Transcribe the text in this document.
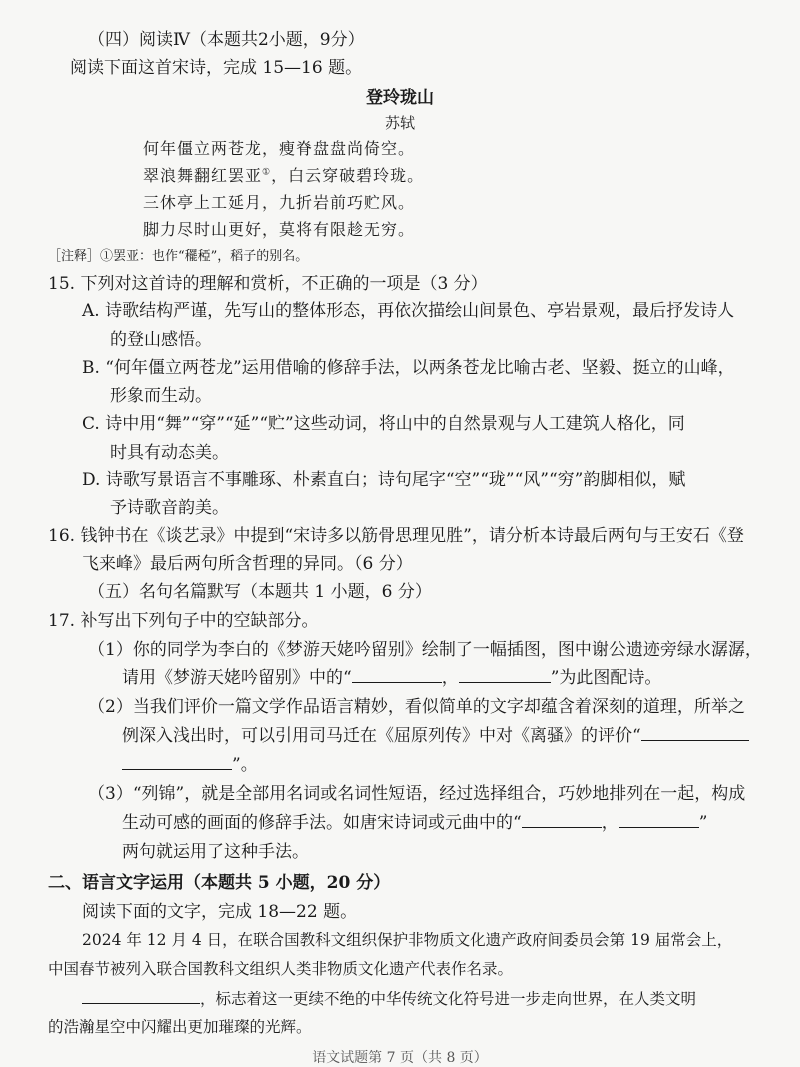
（四）阅读Ⅳ（本题共2小题，9分）
阅读下面这首宋诗，完成 15—16 题。
登玲珑山
苏轼
何年僵立两苍龙，瘦脊盘盘尚倚空。
翠浪舞翻红罢亚①，白云穿破碧玲珑。
三休亭上工延月，九折岩前巧贮风。
脚力尽时山更好，莫将有限趁无穷。
［注释］①罢亚：也作“䆉稏”，稻子的别名。
15. 下列对这首诗的理解和赏析，不正确的一项是（3 分）
A. 诗歌结构严谨，先写山的整体形态，再依次描绘山间景色、亭岩景观，最后抒发诗人
的登山感悟。
B. “何年僵立两苍龙”运用借喻的修辞手法，以两条苍龙比喻古老、坚毅、挺立的山峰，
形象而生动。
C. 诗中用“舞”“穿”“延”“贮”这些动词，将山中的自然景观与人工建筑人格化，同
时具有动态美。
D. 诗歌写景语言不事雕琢、朴素直白；诗句尾字“空”“珑”“风”“穷”韵脚相似，赋
予诗歌音韵美。
16. 钱钟书在《谈艺录》中提到“宋诗多以筋骨思理见胜”，请分析本诗最后两句与王安石《登
飞来峰》最后两句所含哲理的异同。（6 分）
（五）名句名篇默写（本题共 1 小题，6 分）
17. 补写出下列句子中的空缺部分。
（1）你的同学为李白的《梦游天姥吟留别》绘制了一幅插图，图中谢公遗迹旁绿水潺潺，
请用《梦游天姥吟留别》中的“	，	”为此图配诗。
（2）当我们评价一篇文学作品语言精妙，看似简单的文字却蕴含着深刻的道理，所举之
例深入浅出时，可以引用司马迁在《屈原列传》中对《离骚》的评价“
”。
（3）“列锦”，就是全部用名词或名词性短语，经过选择组合，巧妙地排列在一起，构成
生动可感的画面的修辞手法。如唐宋诗词或元曲中的“	，	”
两句就运用了这种手法。
二、语言文字运用（本题共 5 小题，20 分）
阅读下面的文字，完成 18—22 题。
2024 年 12 月 4 日，在联合国教科文组织保护非物质文化遗产政府间委员会第 19 届常会上，
中国春节被列入联合国教科文组织人类非物质文化遗产代表作名录。
，标志着这一更续不绝的中华传统文化符号进一步走向世界，在人类文明
的浩瀚星空中闪耀出更加璀璨的光辉。
语文试题第 7 页（共 8 页）
